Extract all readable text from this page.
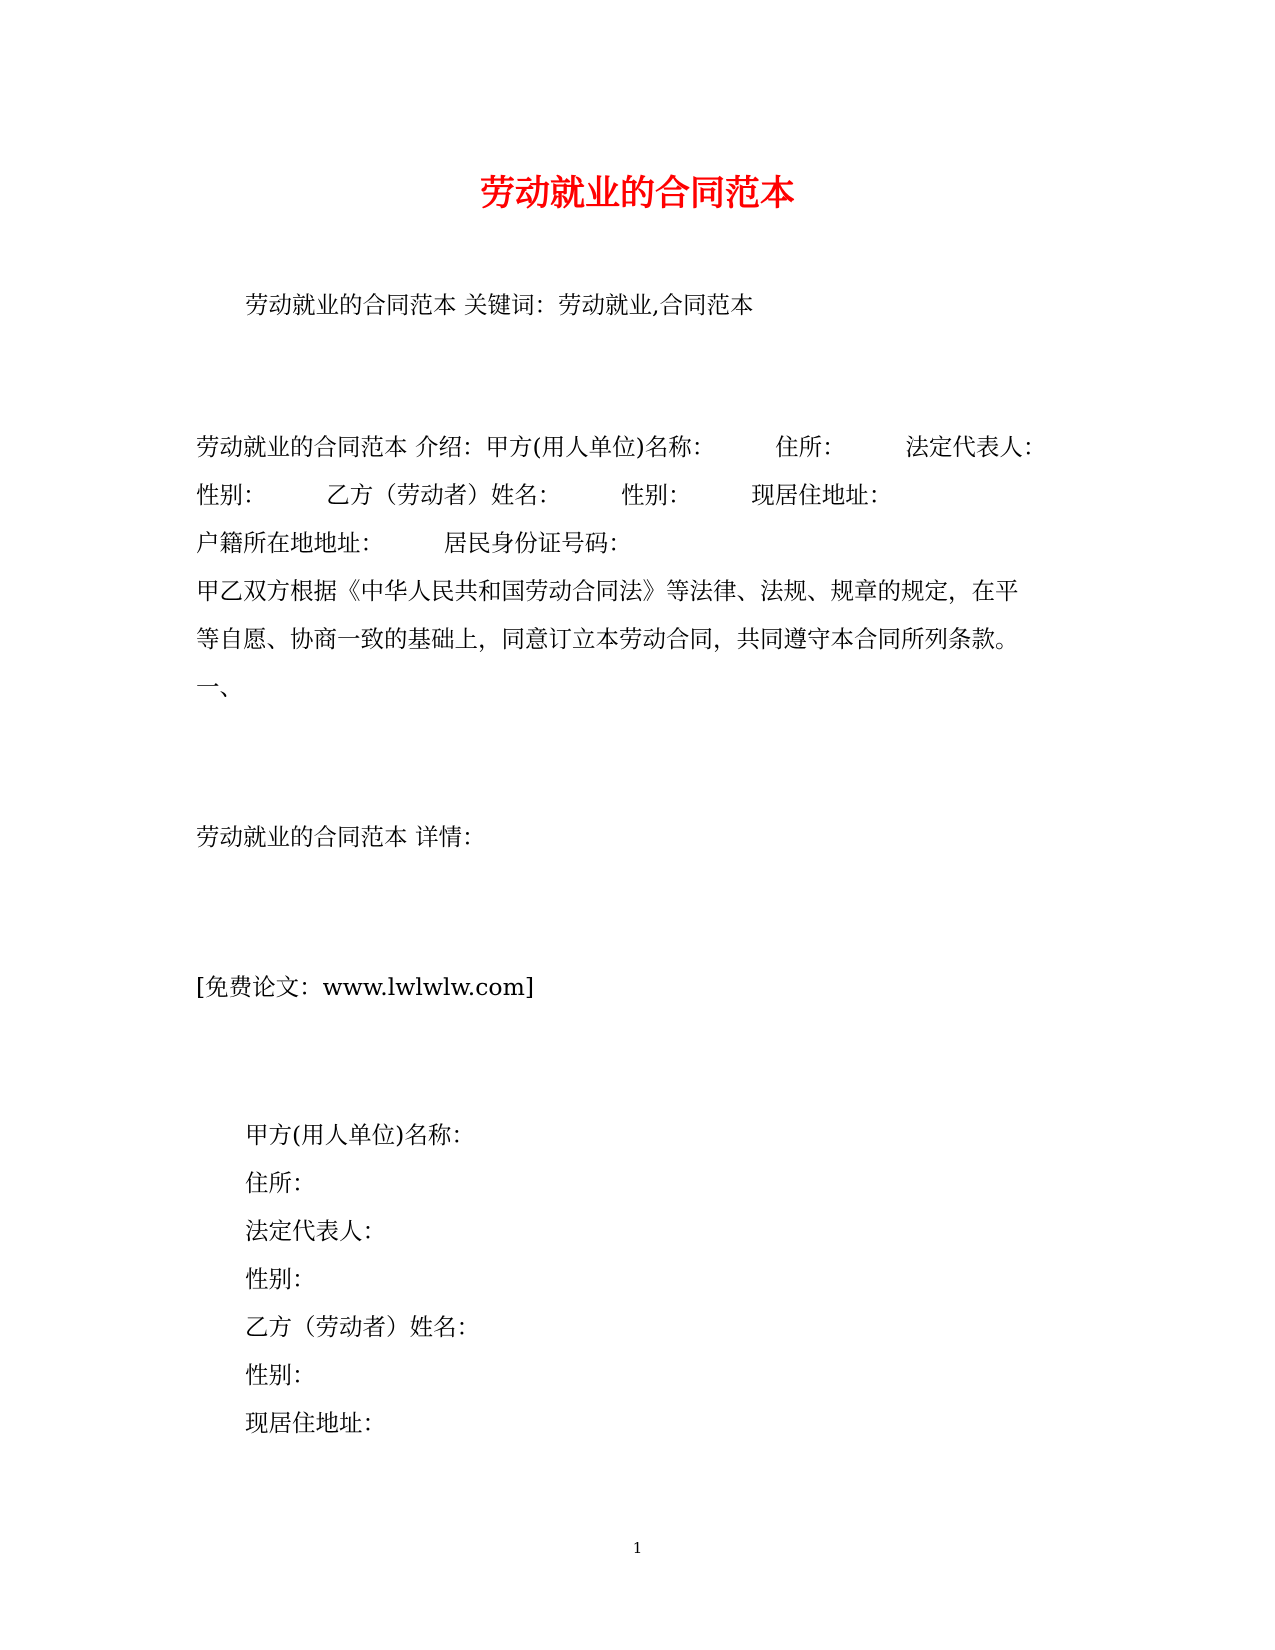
劳动就业的合同范本
劳动就业的合同范本 关键词：劳动就业,合同范本
劳动就业的合同范本 介绍：甲方(用人单位)名称：        住所：        法定代表人：
性别：        乙方（劳动者）姓名：        性别：        现居住地址：
户籍所在地地址：        居民身份证号码：
甲乙双方根据《中华人民共和国劳动合同法》等法律、法规、规章的规定，在平
等自愿、协商一致的基础上，同意订立本劳动合同，共同遵守本合同所列条款。
一、
劳动就业的合同范本 详情：
[免费论文：www.lwlwlw.com]
甲方(用人单位)名称：
住所：
法定代表人：
性别：
乙方（劳动者）姓名：
性别：
现居住地址：
1
